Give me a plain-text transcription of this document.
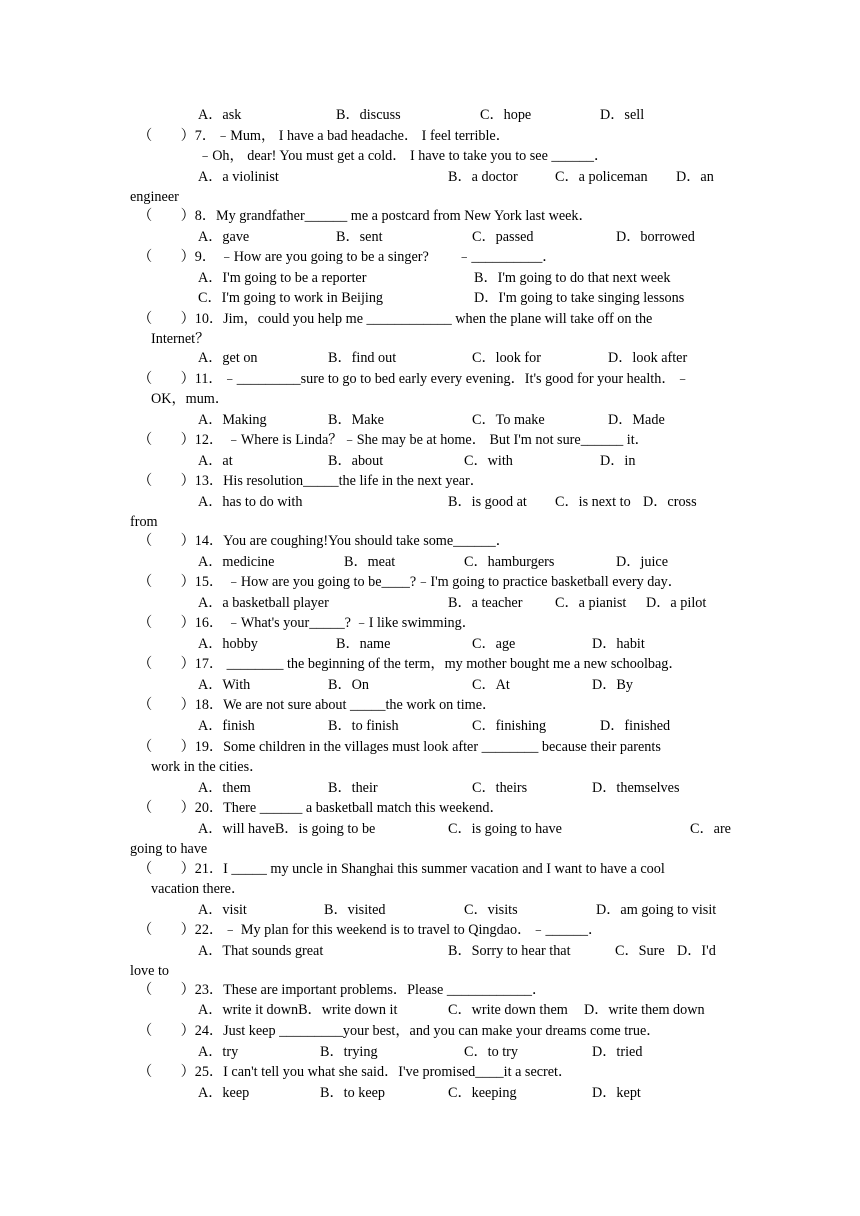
A．ask	B．discuss	C．hope	D．sell
（　　）7．﹣Mum， I have a bad headache． I feel terrible．
﹣Oh， dear! You must get a cold． I have to take you to see ______．
A．a violinist	B．a doctor	C．a policeman D．an
engineer
（　　）8．My grandfather______ me a postcard from New York last week．
A．gave	B．sent	C．passed	D．borrowed
（　　）9． ﹣How are you going to be a singer?　　﹣__________．
A．I'm going to be a reporter	B．I'm going to do that next week
C．I'm going to work in Beijing	D．I'm going to take singing lessons
（　　）10．Jim，could you help me ____________ when the plane will take off on the
Internet？
A．get on	B．find out	C．look for	D．look after
（　　）11．﹣_________sure to go to bed early every evening．It's good for your health．﹣
OK，mum．
A．Making	B．Make	C．To make	D．Made
（　　）12． ﹣Where is Linda？﹣She may be at home． But I'm not sure______ it．
A．at	B．about	C．with	D．in
（　　）13．His resolution_____the life in the next year．
A．has to do with	B．is good at C．is next to D．cross
from
（　　）14．You are coughing!You should take some______．
A．medicine	B．meat	C．hamburgers	D．juice
（　　）15． ﹣How are you going to be____?﹣I'm going to practice basketball every day．
A．a basketball player	B．a teacher C．a pianist D．a pilot
（　　）16． ﹣What's your_____? ﹣I like swimming．
A．hobby	B．name	C．age	D．habit
（　　）17． ________ the beginning of the term，my mother bought me a new schoolbag．
A．With	B．On	C．At	D．By
（　　）18．We are not sure about _____the work on time．
A．finish	B．to finish	C．finishing	D．finished
（　　）19．Some children in the villages must look after ________ because their parents
work in the cities．
A．them	B．their	C．theirs	D．themselves
（　　）20．There ______ a basketball match this weekend．
A．will haveB．is going to be	C．is going to have	C．are
going to have
（　　）21．I _____ my uncle in Shanghai this summer vacation and I want to have a cool
vacation there．
A．visit	B．visited	C．visits	D．am going to visit
（　　）22．﹣ My plan for this weekend is to travel to Qingdao．﹣______．
A．That sounds great	B．Sorry to hear that	C．Sure D．I'd
love to
（　　）23．These are important problems．Please ____________．
A．write it downB．write down it	C．write down them D．write them down
（　　）24．Just keep _________your best，and you can make your dreams come true．
A．try	B．trying	C．to try	D．tried
（　　）25．I can't tell you what she said．I've promised____it a secret．
A．keep	B．to keep	C．keeping	D．kept
